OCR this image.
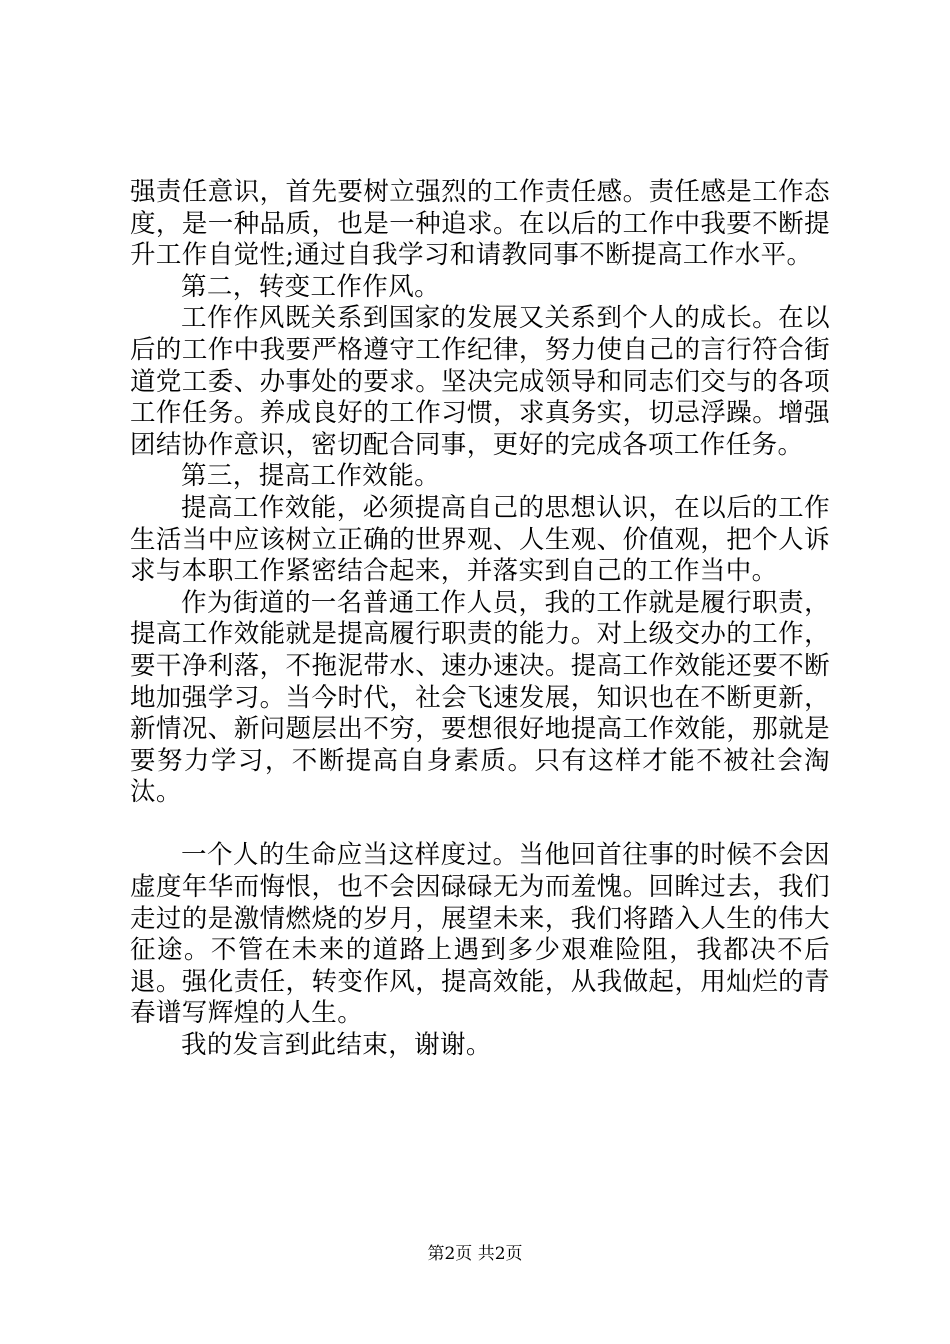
强责任意识，首先要树立强烈的工作责任感。责任感是工作态度，是一种品质，也是一种追求。在以后的工作中我要不断提升工作自觉性;通过自我学习和请教同事不断提高工作水平。

第二，转变工作作风。

工作作风既关系到国家的发展又关系到个人的成长。在以后的工作中我要严格遵守工作纪律，努力使自己的言行符合街道党工委、办事处的要求。坚决完成领导和同志们交与的各项工作任务。养成良好的工作习惯，求真务实，切忌浮躁。增强团结协作意识，密切配合同事，更好的完成各项工作任务。

第三，提高工作效能。

提高工作效能，必须提高自己的思想认识，在以后的工作生活当中应该树立正确的世界观、人生观、价值观，把个人诉求与本职工作紧密结合起来，并落实到自己的工作当中。

作为街道的一名普通工作人员，我的工作就是履行职责，提高工作效能就是提高履行职责的能力。对上级交办的工作，要干净利落，不拖泥带水、速办速决。提高工作效能还要不断地加强学习。当今时代，社会飞速发展，知识也在不断更新，新情况、新问题层出不穷，要想很好地提高工作效能，那就是要努力学习，不断提高自身素质。只有这样才能不被社会淘汰。

一个人的生命应当这样度过。当他回首往事的时候不会因虚度年华而悔恨，也不会因碌碌无为而羞愧。回眸过去，我们走过的是激情燃烧的岁月，展望未来，我们将踏入人生的伟大征途。不管在未来的道路上遇到多少艰难险阻，我都决不后退。强化责任，转变作风，提高效能，从我做起，用灿烂的青春谱写辉煌的人生。

我的发言到此结束，谢谢。

第2页 共2页
